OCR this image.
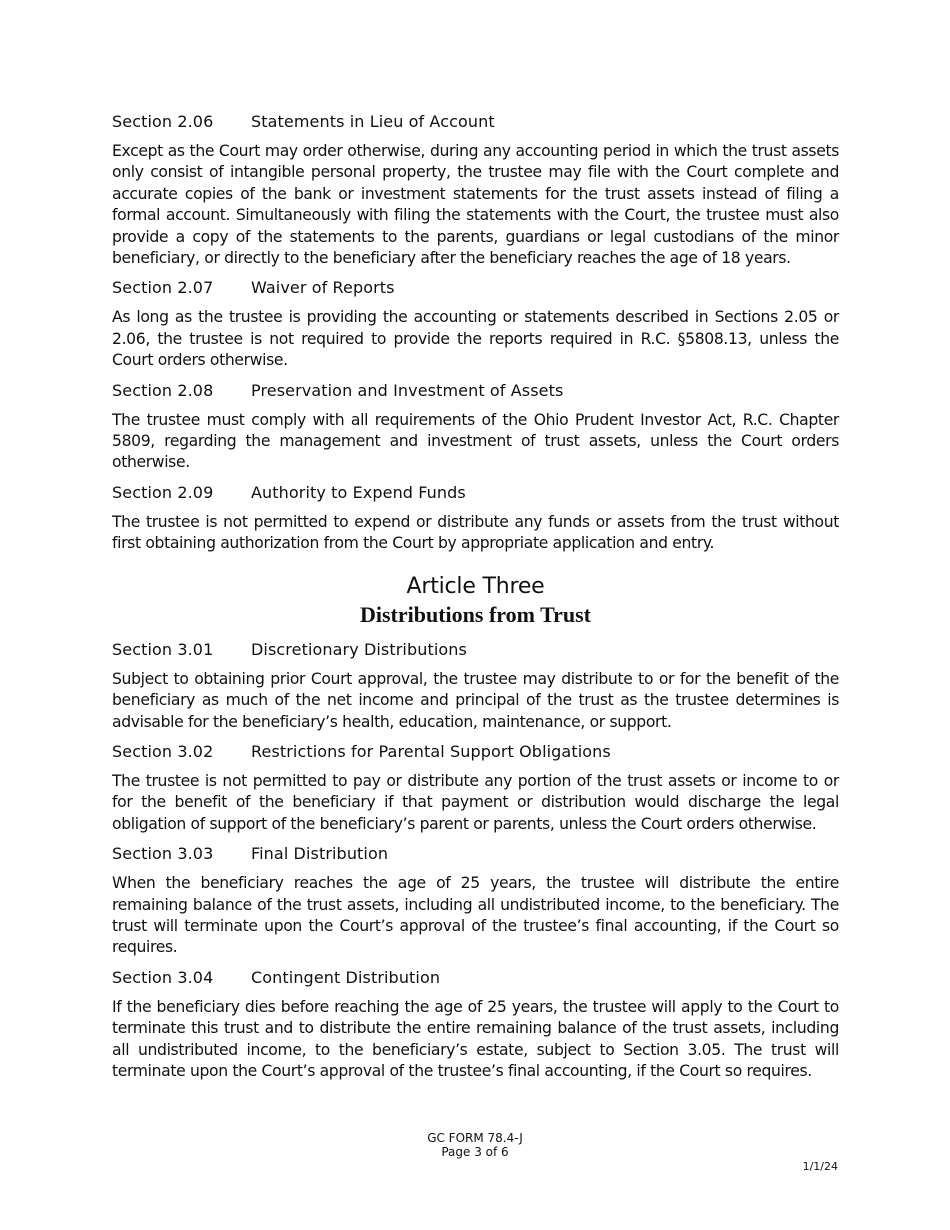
Section 2.06	Statements in Lieu of Account

Except as the Court may order otherwise, during any accounting period in which the trust assets only consist of intangible personal property, the trustee may file with the Court complete and accurate copies of the bank or investment statements for the trust assets instead of filing a formal account. Simultaneously with filing the statements with the Court, the trustee must also provide a copy of the statements to the parents, guardians or legal custodians of the minor beneficiary, or directly to the beneficiary after the beneficiary reaches the age of 18 years.

Section 2.07	Waiver of Reports

As long as the trustee is providing the accounting or statements described in Sections 2.05 or 2.06, the trustee is not required to provide the reports required in R.C. §5808.13, unless the Court orders otherwise.

Section 2.08	Preservation and Investment of Assets

The trustee must comply with all requirements of the Ohio Prudent Investor Act, R.C. Chapter 5809, regarding the management and investment of trust assets, unless the Court orders otherwise.

Section 2.09	Authority to Expend Funds

The trustee is not permitted to expend or distribute any funds or assets from the trust without first obtaining authorization from the Court by appropriate application and entry.

Article Three
Distributions from Trust
Section 3.01	Discretionary Distributions

Subject to obtaining prior Court approval, the trustee may distribute to or for the benefit of the beneficiary as much of the net income and principal of the trust as the trustee determines is advisable for the beneficiary’s health, education, maintenance, or support.

Section 3.02	Restrictions for Parental Support Obligations

The trustee is not permitted to pay or distribute any portion of the trust assets or income to or for the benefit of the beneficiary if that payment or distribution would discharge the legal obligation of support of the beneficiary’s parent or parents, unless the Court orders otherwise.

Section 3.03	Final Distribution

When the beneficiary reaches the age of 25 years, the trustee will distribute the entire remaining balance of the trust assets, including all undistributed income, to the beneficiary. The trust will terminate upon the Court’s approval of the trustee’s final accounting, if the Court so requires.

Section 3.04	Contingent Distribution

If the beneficiary dies before reaching the age of 25 years, the trustee will apply to the Court to terminate this trust and to distribute the entire remaining balance of the trust assets, including all undistributed income, to the beneficiary’s estate, subject to Section 3.05. The trust will terminate upon the Court’s approval of the trustee’s final accounting, if the Court so requires.

GC FORM 78.4-J
Page 3 of 6
1/1/24
